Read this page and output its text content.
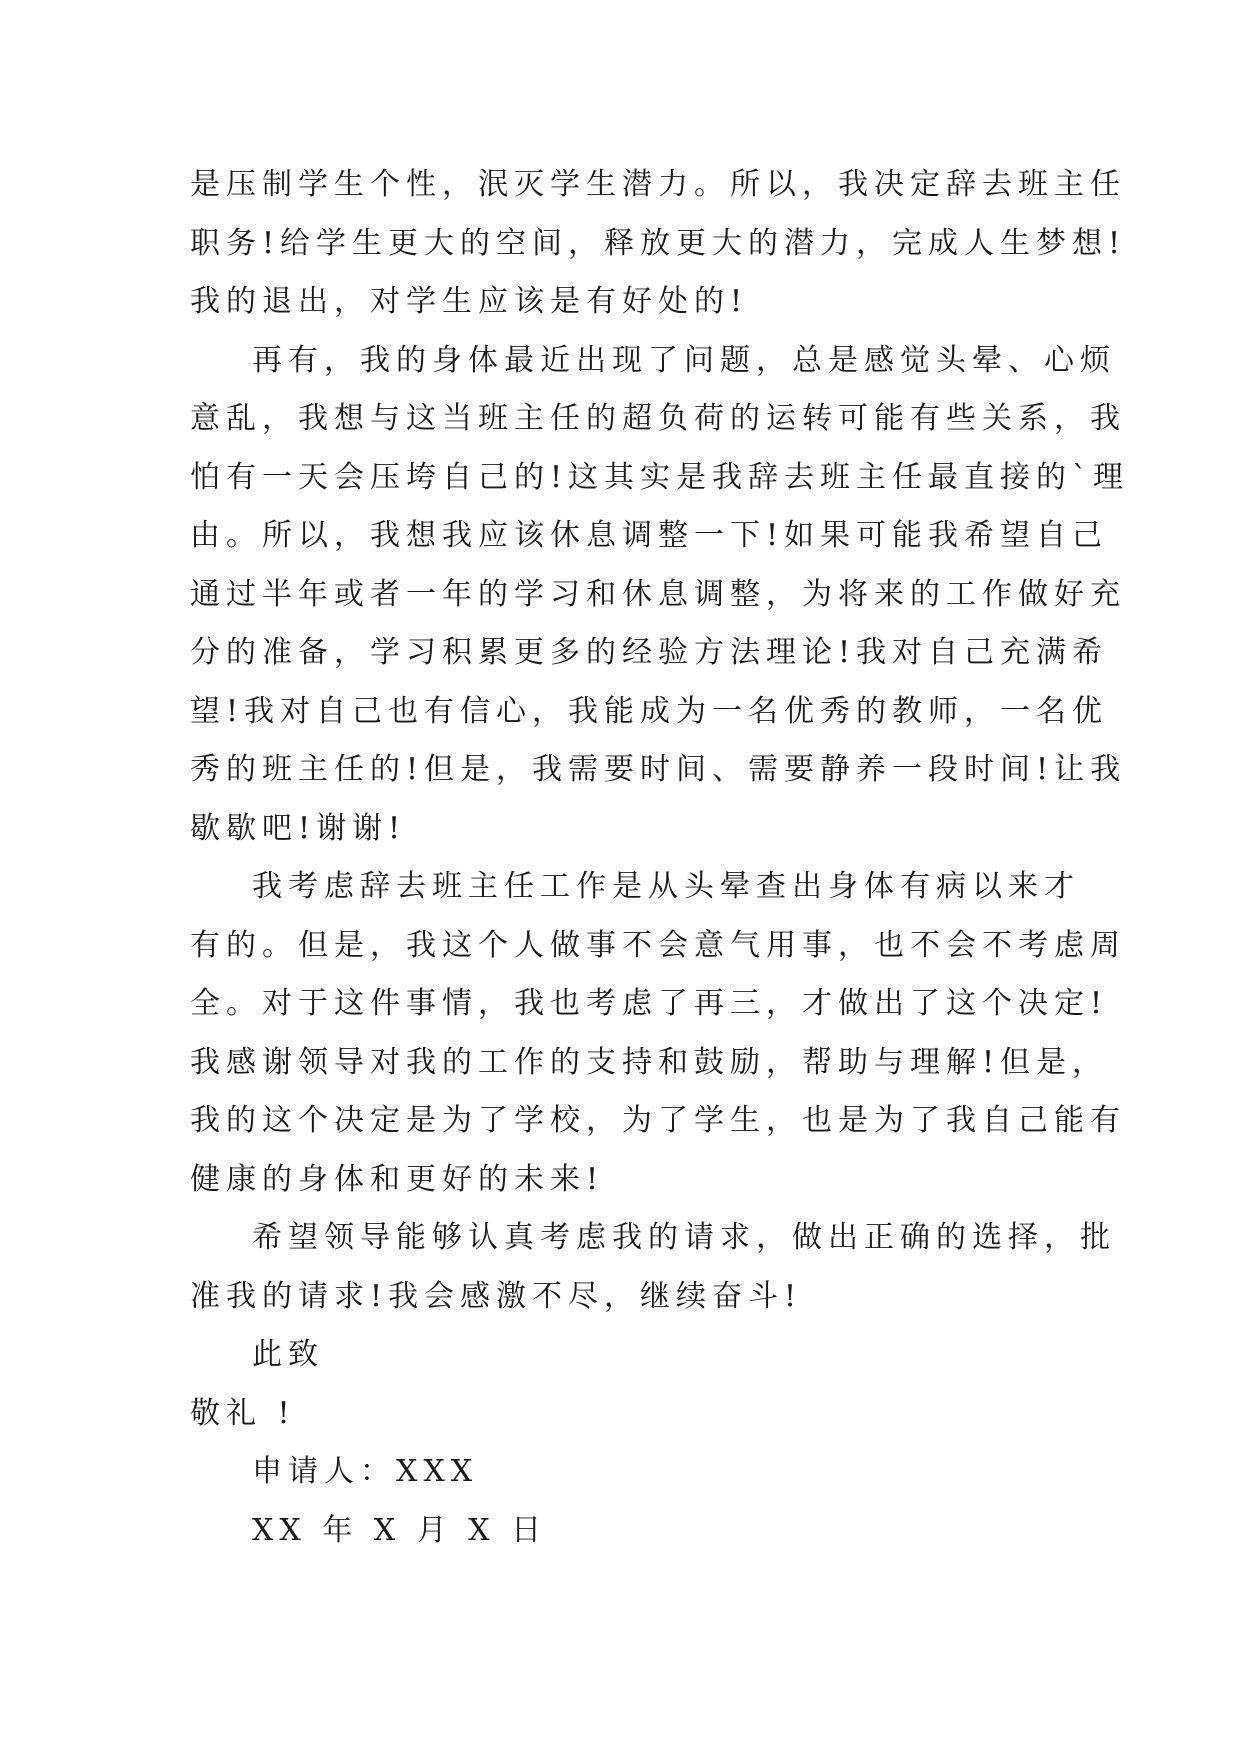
是压制学生个性，泯灭学生潜力。所以，我决定辞去班主任
职务!给学生更大的空间，释放更大的潜力，完成人生梦想!
我的退出，对学生应该是有好处的!

再有，我的身体最近出现了问题，总是感觉头晕、心烦
意乱，我想与这当班主任的超负荷的运转可能有些关系，我
怕有一天会压垮自己的!这其实是我辞去班主任最直接的`理
由。所以，我想我应该休息调整一下!如果可能我希望自己
通过半年或者一年的学习和休息调整，为将来的工作做好充
分的准备，学习积累更多的经验方法理论!我对自己充满希
望!我对自己也有信心，我能成为一名优秀的教师，一名优
秀的班主任的!但是，我需要时间、需要静养一段时间!让我
歇歇吧!谢谢!

我考虑辞去班主任工作是从头晕查出身体有病以来才
有的。但是，我这个人做事不会意气用事，也不会不考虑周
全。对于这件事情，我也考虑了再三，才做出了这个决定!
我感谢领导对我的工作的支持和鼓励，帮助与理解!但是，
我的这个决定是为了学校，为了学生，也是为了我自己能有
健康的身体和更好的未来!

希望领导能够认真考虑我的请求，做出正确的选择，批
准我的请求!我会感激不尽，继续奋斗!

此致
敬礼 !
申请人：XXX
XX 年 X 月 X 日
